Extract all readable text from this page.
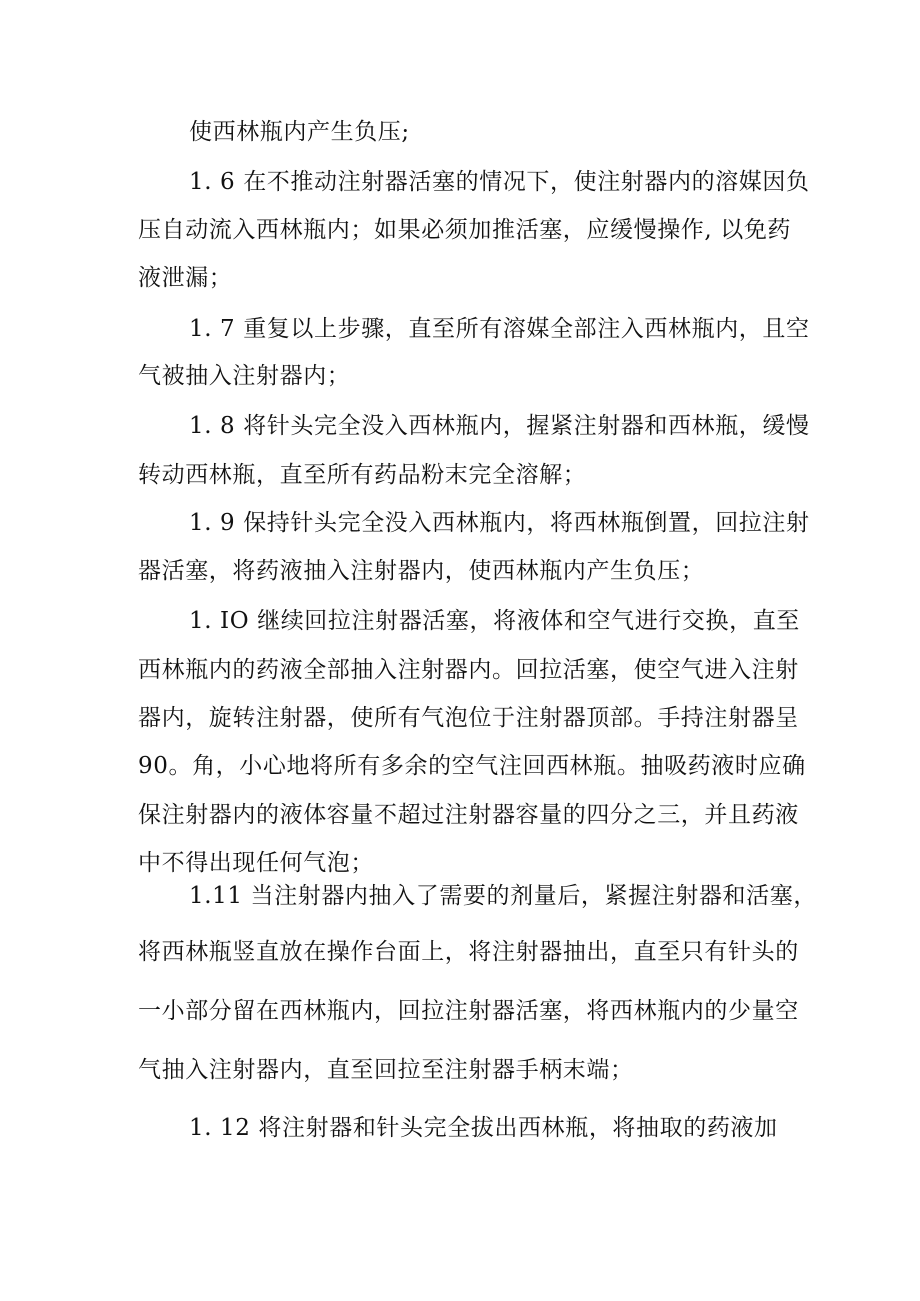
使西林瓶内产生负压;
1. 6 在不推动注射器活塞的情况下，使注射器内的溶媒因负
压自动流入西林瓶内；如果必须加推活塞，应缓慢操作, 以免药
液泄漏；
1. 7 重复以上步骤，直至所有溶媒全部注入西林瓶内，且空
气被抽入注射器内；
1. 8 将针头完全没入西林瓶内，握紧注射器和西林瓶，缓慢
转动西林瓶，直至所有药品粉末完全溶解；
1. 9 保持针头完全没入西林瓶内，将西林瓶倒置，回拉注射
器活塞，将药液抽入注射器内，使西林瓶内产生负压；
1. IO 继续回拉注射器活塞，将液体和空气进行交换，直至
西林瓶内的药液全部抽入注射器内。回拉活塞，使空气进入注射
器内，旋转注射器，使所有气泡位于注射器顶部。手持注射器呈
90。角，小心地将所有多余的空气注回西林瓶。抽吸药液时应确
保注射器内的液体容量不超过注射器容量的四分之三，并且药液
中不得出现任何气泡；
1.11 当注射器内抽入了需要的剂量后，紧握注射器和活塞，
将西林瓶竖直放在操作台面上，将注射器抽出，直至只有针头的
一小部分留在西林瓶内，回拉注射器活塞，将西林瓶内的少量空
气抽入注射器内，直至回拉至注射器手柄末端；
1. 12 将注射器和针头完全拔出西林瓶，将抽取的药液加
